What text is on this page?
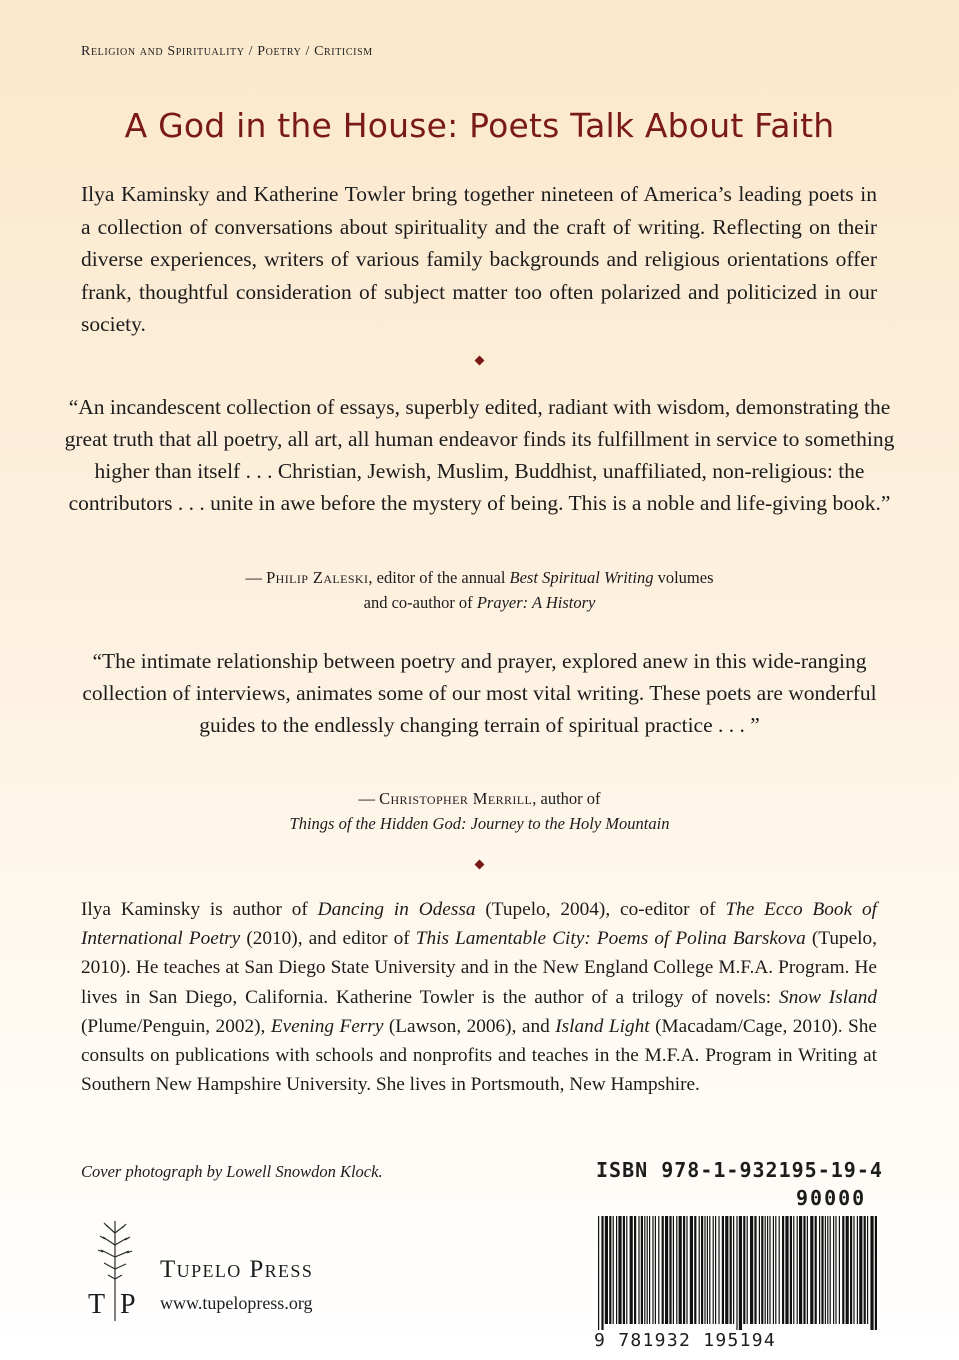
Religion and Spirituality / Poetry / Criticism
A God in the House: Poets Talk About Faith
Ilya Kaminsky and Katherine Towler bring together nineteen of America’s leading poets in a collection of conversations about spirituality and the craft of writing. Reflecting on their diverse experiences, writers of various family backgrounds and religious orientations offer frank, thoughtful consideration of subject matter too often polarized and politicized in our society.
“An incandescent collection of essays, superbly edited, radiant with wisdom, demonstrating the great truth that all poetry, all art, all human endeavor finds its fulfillment in service to something higher than itself . . . Christian, Jewish, Muslim, Buddhist, unaffiliated, non-religious: the contributors . . . unite in awe before the mystery of being. This is a noble and life-giving book.”
— Philip Zaleski, editor of the annual Best Spiritual Writing volumes
and co-author of Prayer: A History
“The intimate relationship between poetry and prayer, explored anew in this wide-ranging collection of interviews, animates some of our most vital writing. These poets are wonderful guides to the endlessly changing terrain of spiritual practice . . . ”
— Christopher Merrill, author of
Things of the Hidden God: Journey to the Holy Mountain
Ilya Kaminsky is author of Dancing in Odessa (Tupelo, 2004), co-editor of The Ecco Book of International Poetry (2010), and editor of This Lamentable City: Poems of Polina Barskova (Tupelo, 2010). He teaches at San Diego State University and in the New England College M.F.A. Program. He lives in San Diego, California. Katherine Towler is the author of a trilogy of novels: Snow Island (Plume/Penguin, 2002), Evening Ferry (Lawson, 2006), and Island Light (Macadam/Cage, 2010). She consults on publications with schools and nonprofits and teaches in the M.F.A. Program in Writing at Southern New Hampshire University. She lives in Portsmouth, New Hampshire.
Cover photograph by Lowell Snowdon Klock.
T P
Tupelo Press
www.tupelopress.org
ISBN 978-1-932195-19-4
90000
9 781932 195194
